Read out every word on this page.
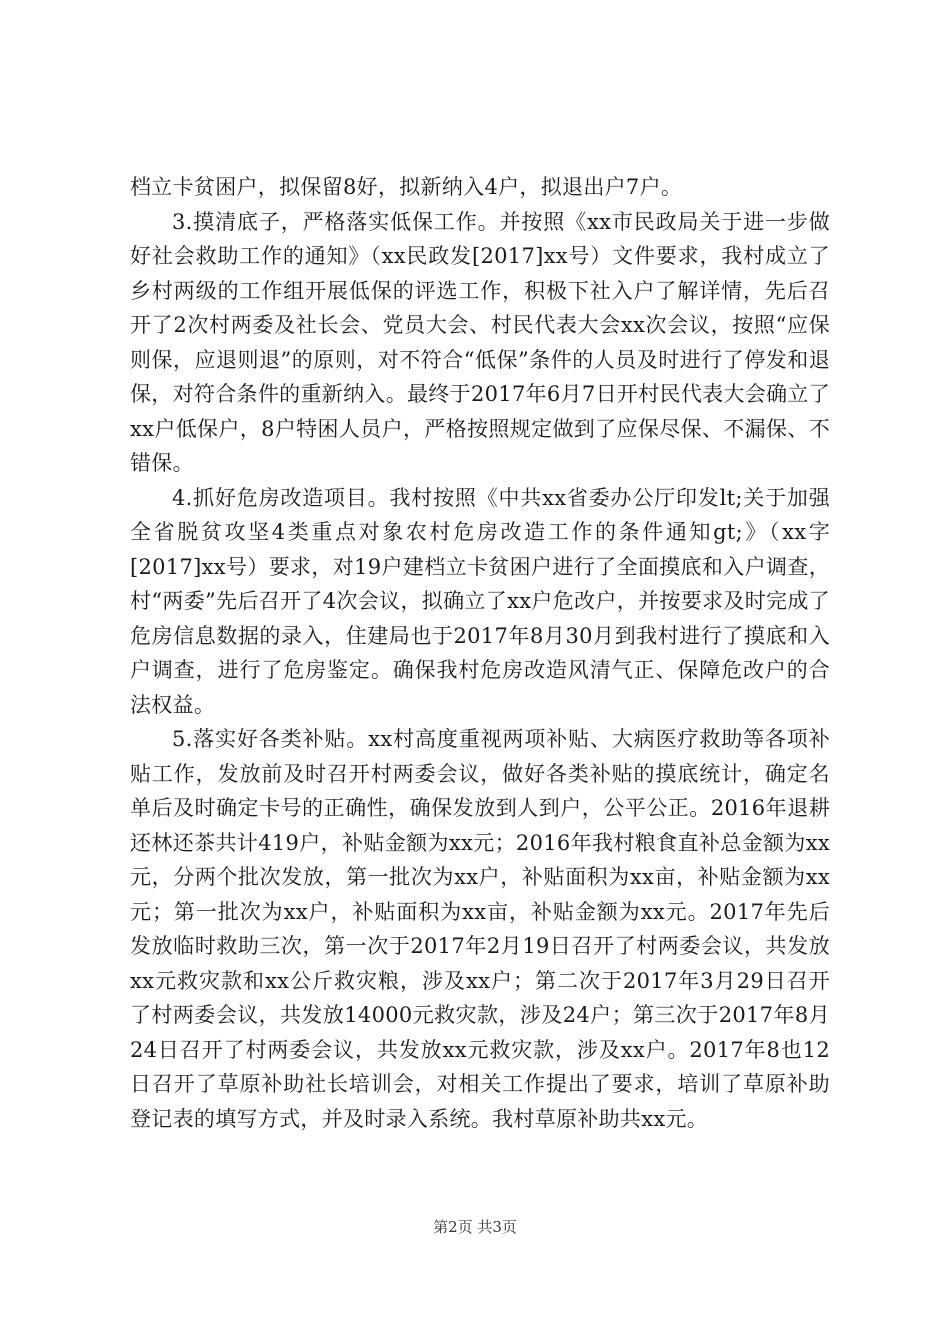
档立卡贫困户，拟保留8好，拟新纳入4户，拟退出户7户。

3.摸清底子，严格落实低保工作。并按照《xx市民政局关于进一步做好社会救助工作的通知》（xx民政发[2017]xx号）文件要求，我村成立了乡村两级的工作组开展低保的评选工作，积极下社入户了解详情，先后召开了2次村两委及社长会、党员大会、村民代表大会xx次会议，按照“应保则保，应退则退”的原则，对不符合“低保”条件的人员及时进行了停发和退保，对符合条件的重新纳入。最终于2017年6月7日开村民代表大会确立了xx户低保户，8户特困人员户，严格按照规定做到了应保尽保、不漏保、不错保。

4.抓好危房改造项目。我村按照《中共xx省委办公厅印发lt;关于加强全省脱贫攻坚4类重点对象农村危房改造工作的条件通知gt;》（xx字[2017]xx号）要求，对19户建档立卡贫困户进行了全面摸底和入户调查，村“两委”先后召开了4次会议，拟确立了xx户危改户，并按要求及时完成了危房信息数据的录入，住建局也于2017年8月30月到我村进行了摸底和入户调查，进行了危房鉴定。确保我村危房改造风清气正、保障危改户的合法权益。

5.落实好各类补贴。xx村高度重视两项补贴、大病医疗救助等各项补贴工作，发放前及时召开村两委会议，做好各类补贴的摸底统计，确定名单后及时确定卡号的正确性，确保发放到人到户，公平公正。2016年退耕还林还茶共计419户，补贴金额为xx元；2016年我村粮食直补总金额为xx元，分两个批次发放，第一批次为xx户，补贴面积为xx亩，补贴金额为xx元；第一批次为xx户，补贴面积为xx亩，补贴金额为xx元。2017年先后发放临时救助三次，第一次于2017年2月19日召开了村两委会议，共发放xx元救灾款和xx公斤救灾粮，涉及xx户；第二次于2017年3月29日召开了村两委会议，共发放14000元救灾款，涉及24户；第三次于2017年8月24日召开了村两委会议，共发放xx元救灾款，涉及xx户。2017年8也12日召开了草原补助社长培训会，对相关工作提出了要求，培训了草原补助登记表的填写方式，并及时录入系统。我村草原补助共xx元。

第2页 共3页
